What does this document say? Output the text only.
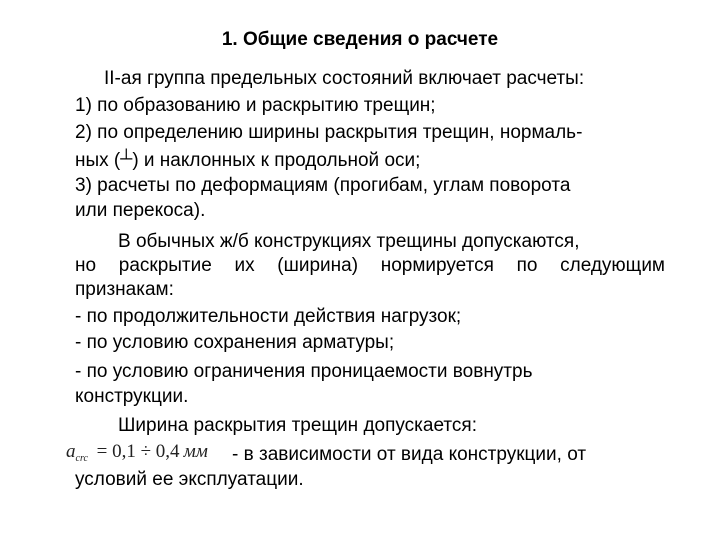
1. Общие сведения о расчете
II-ая группа предельных состояний включает расчеты:
1) по образованию и раскрытию трещин;
2) по определению ширины раскрытия трещин, нормаль-
ных (┴) и наклонных к продольной оси;
3) расчеты по деформациям (прогибам, углам поворота
или перекоса).
В обычных ж/б конструкциях трещины допускаются,
но раскрытие их (ширина) нормируется по следующим
признакам:
- по продолжительности действия нагрузок;
- по условию сохранения арматуры;
- по условию ограничения проницаемости вовнутрь
конструкции.
Ширина раскрытия трещин допускается:
$a_{crc} = 0,1 \div 0,4$ мм - в зависимости от вида конструкции, от
условий ее эксплуатации.
